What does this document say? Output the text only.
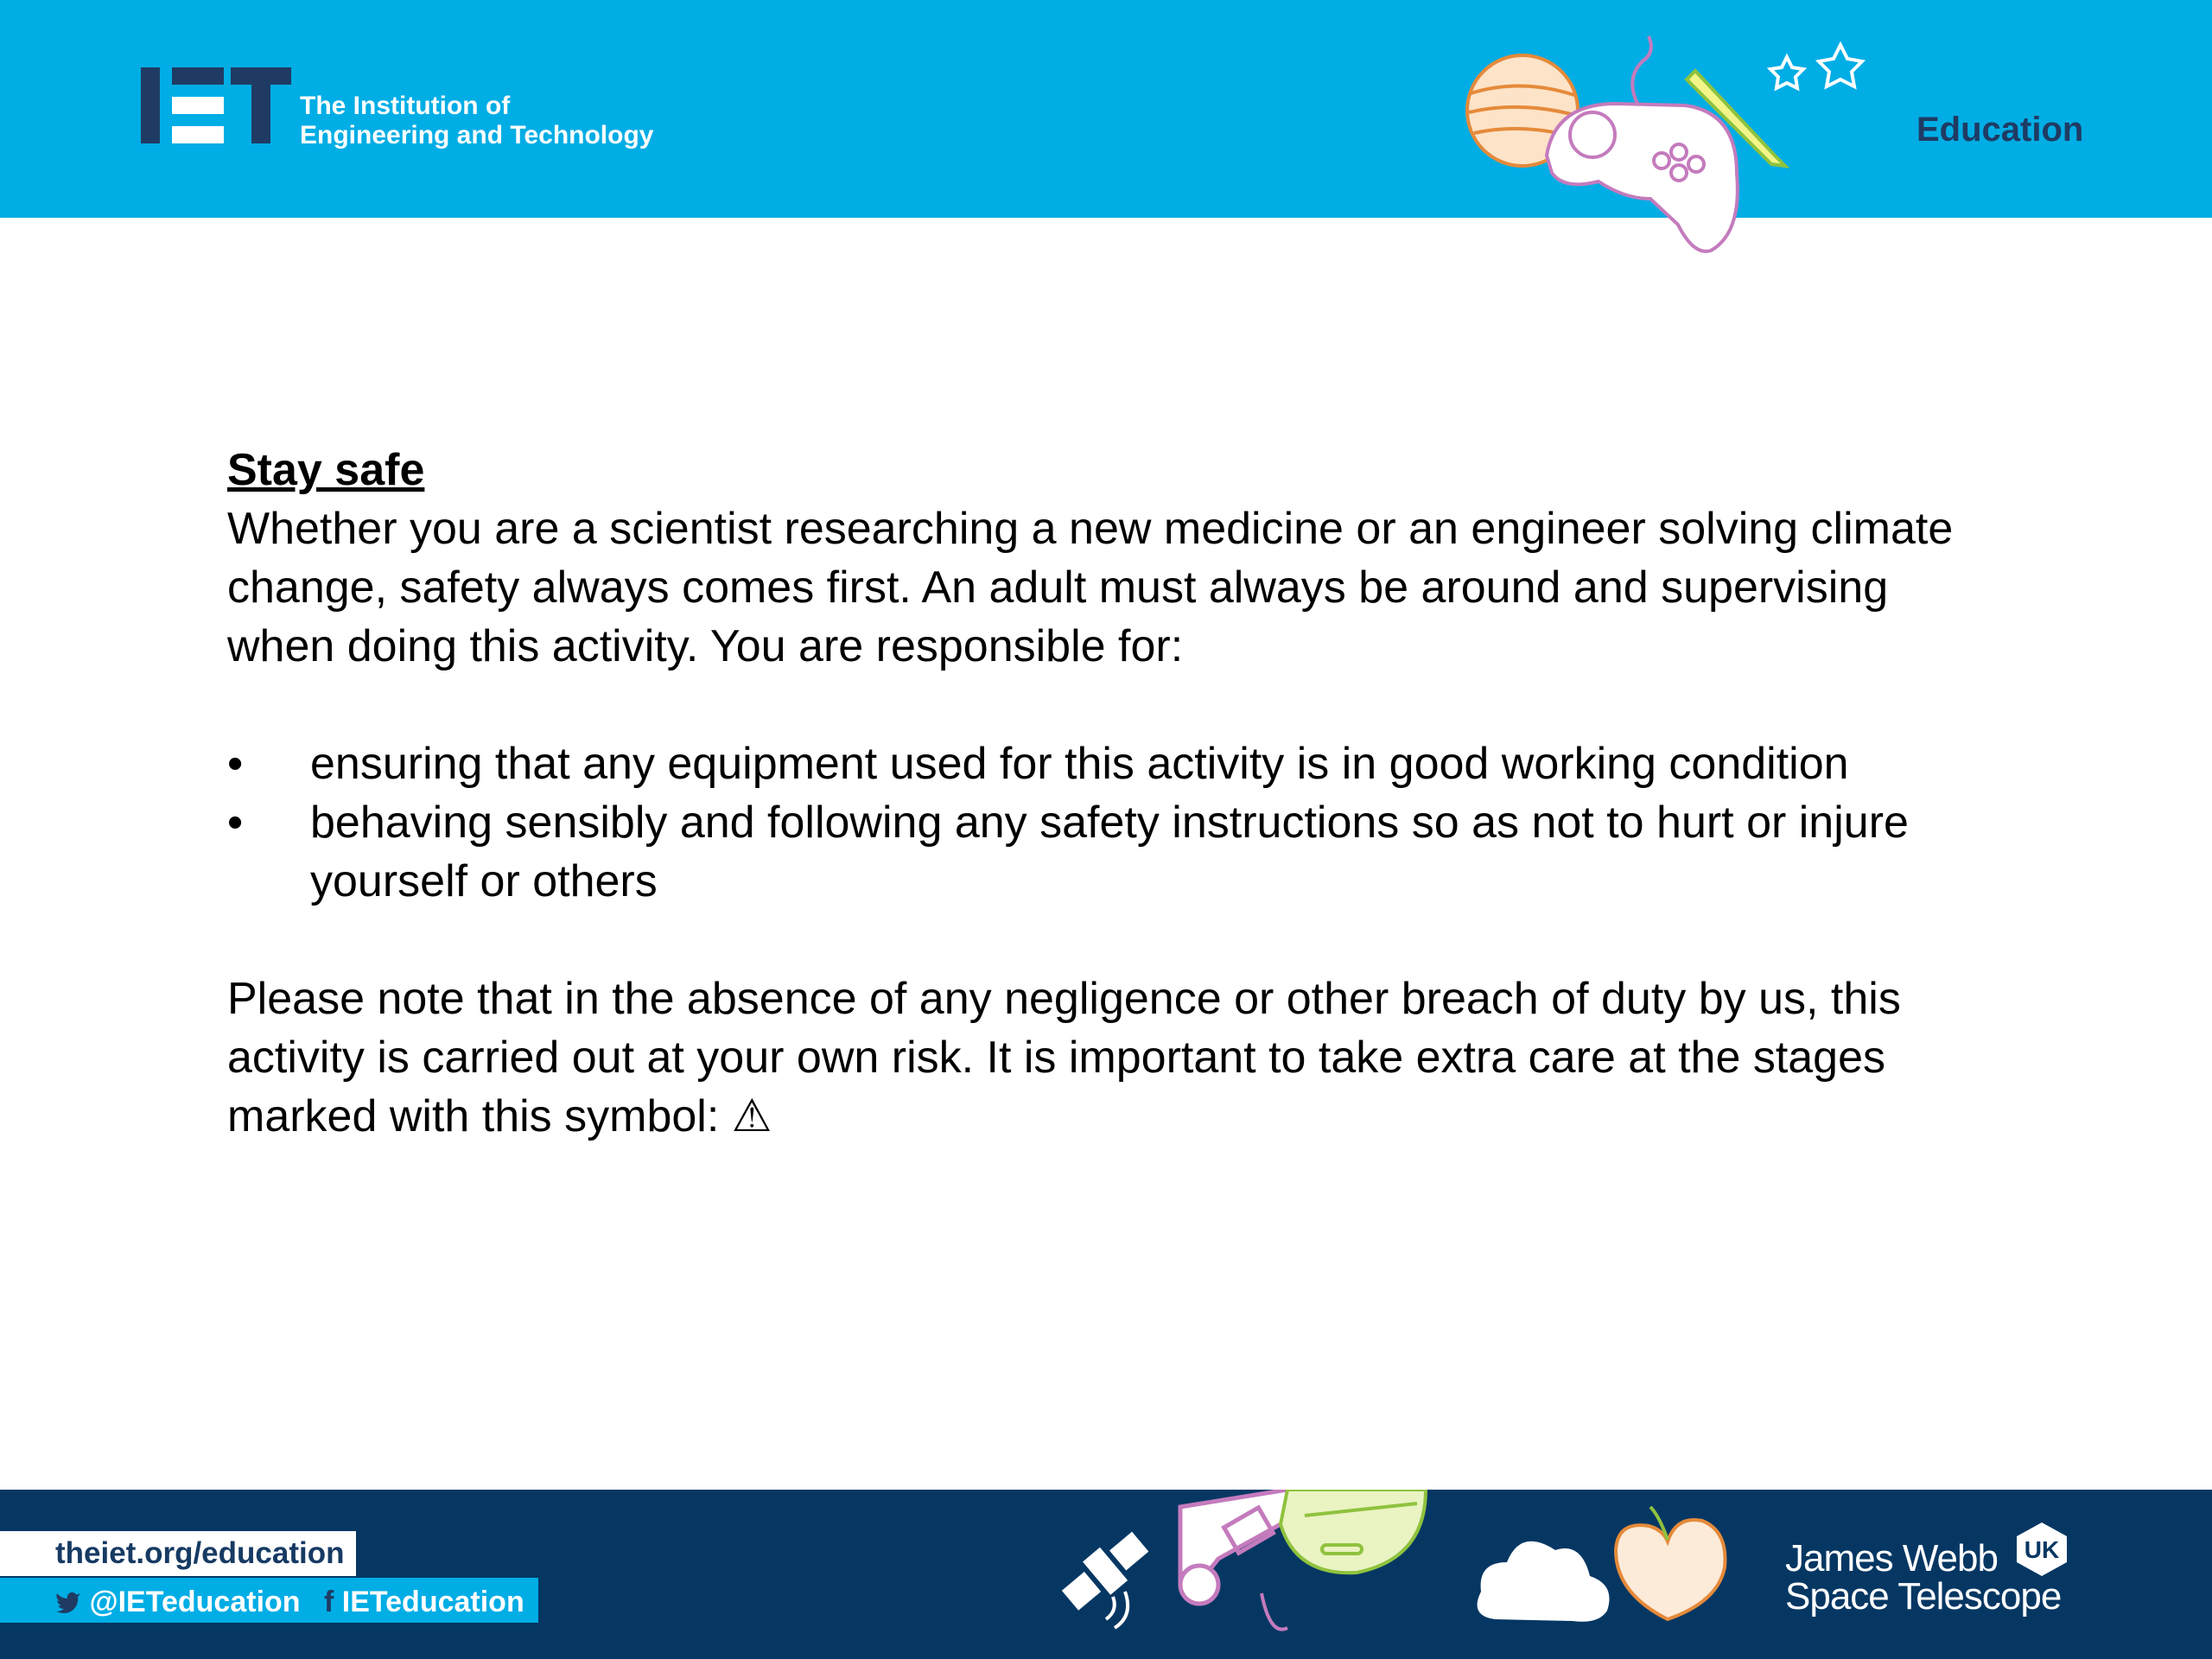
The Institution of
Engineering and Technology	Education

Stay safe

Whether you are a scientist researching a new medicine or an engineer solving climate change, safety always comes first. An adult must always be around and supervising when doing this activity. You are responsible for:

• ensuring that any equipment used for this activity is in good working condition
• behaving sensibly and following any safety instructions so as not to hurt or injure yourself or others

Please note that in the absence of any negligence or other breach of duty by us, this activity is carried out at your own risk. It is important to take extra care at the stages marked with this symbol: ⚠

theiet.org/education
@IETeducation f IETeducation
James Webb
Space Telescope
UK
